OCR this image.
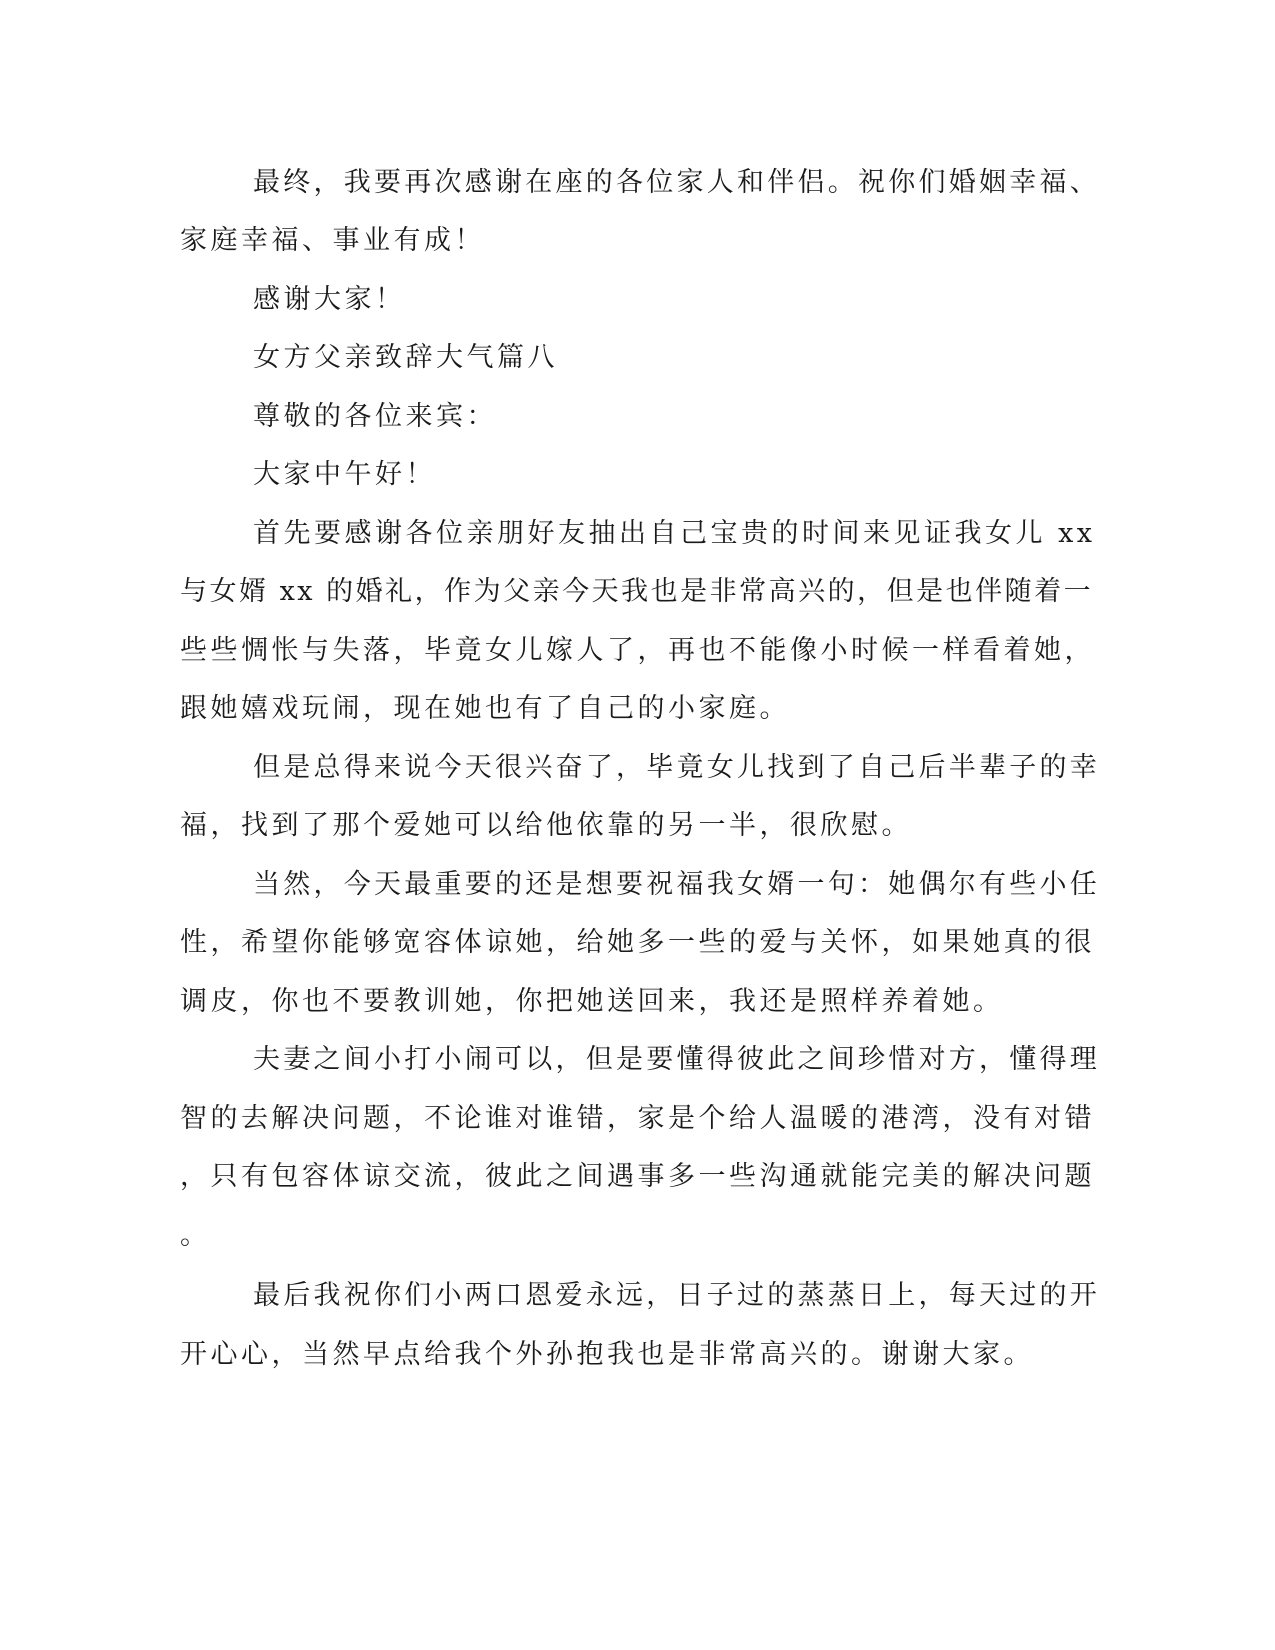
最终，我要再次感谢在座的各位家人和伴侣。祝你们婚姻幸福、
家庭幸福、事业有成！
感谢大家！
女方父亲致辞大气篇八
尊敬的各位来宾：
大家中午好！
首先要感谢各位亲朋好友抽出自己宝贵的时间来见证我女儿 xx
与女婿 xx 的婚礼，作为父亲今天我也是非常高兴的，但是也伴随着一
些些惆怅与失落，毕竟女儿嫁人了，再也不能像小时候一样看着她，
跟她嬉戏玩闹，现在她也有了自己的小家庭。
但是总得来说今天很兴奋了，毕竟女儿找到了自己后半辈子的幸
福，找到了那个爱她可以给他依靠的另一半，很欣慰。
当然，今天最重要的还是想要祝福我女婿一句：她偶尔有些小任
性，希望你能够宽容体谅她，给她多一些的爱与关怀，如果她真的很
调皮，你也不要教训她，你把她送回来，我还是照样养着她。
夫妻之间小打小闹可以，但是要懂得彼此之间珍惜对方，懂得理
智的去解决问题，不论谁对谁错，家是个给人温暖的港湾，没有对错
，只有包容体谅交流，彼此之间遇事多一些沟通就能完美的解决问题
。
最后我祝你们小两口恩爱永远，日子过的蒸蒸日上，每天过的开
开心心，当然早点给我个外孙抱我也是非常高兴的。谢谢大家。
